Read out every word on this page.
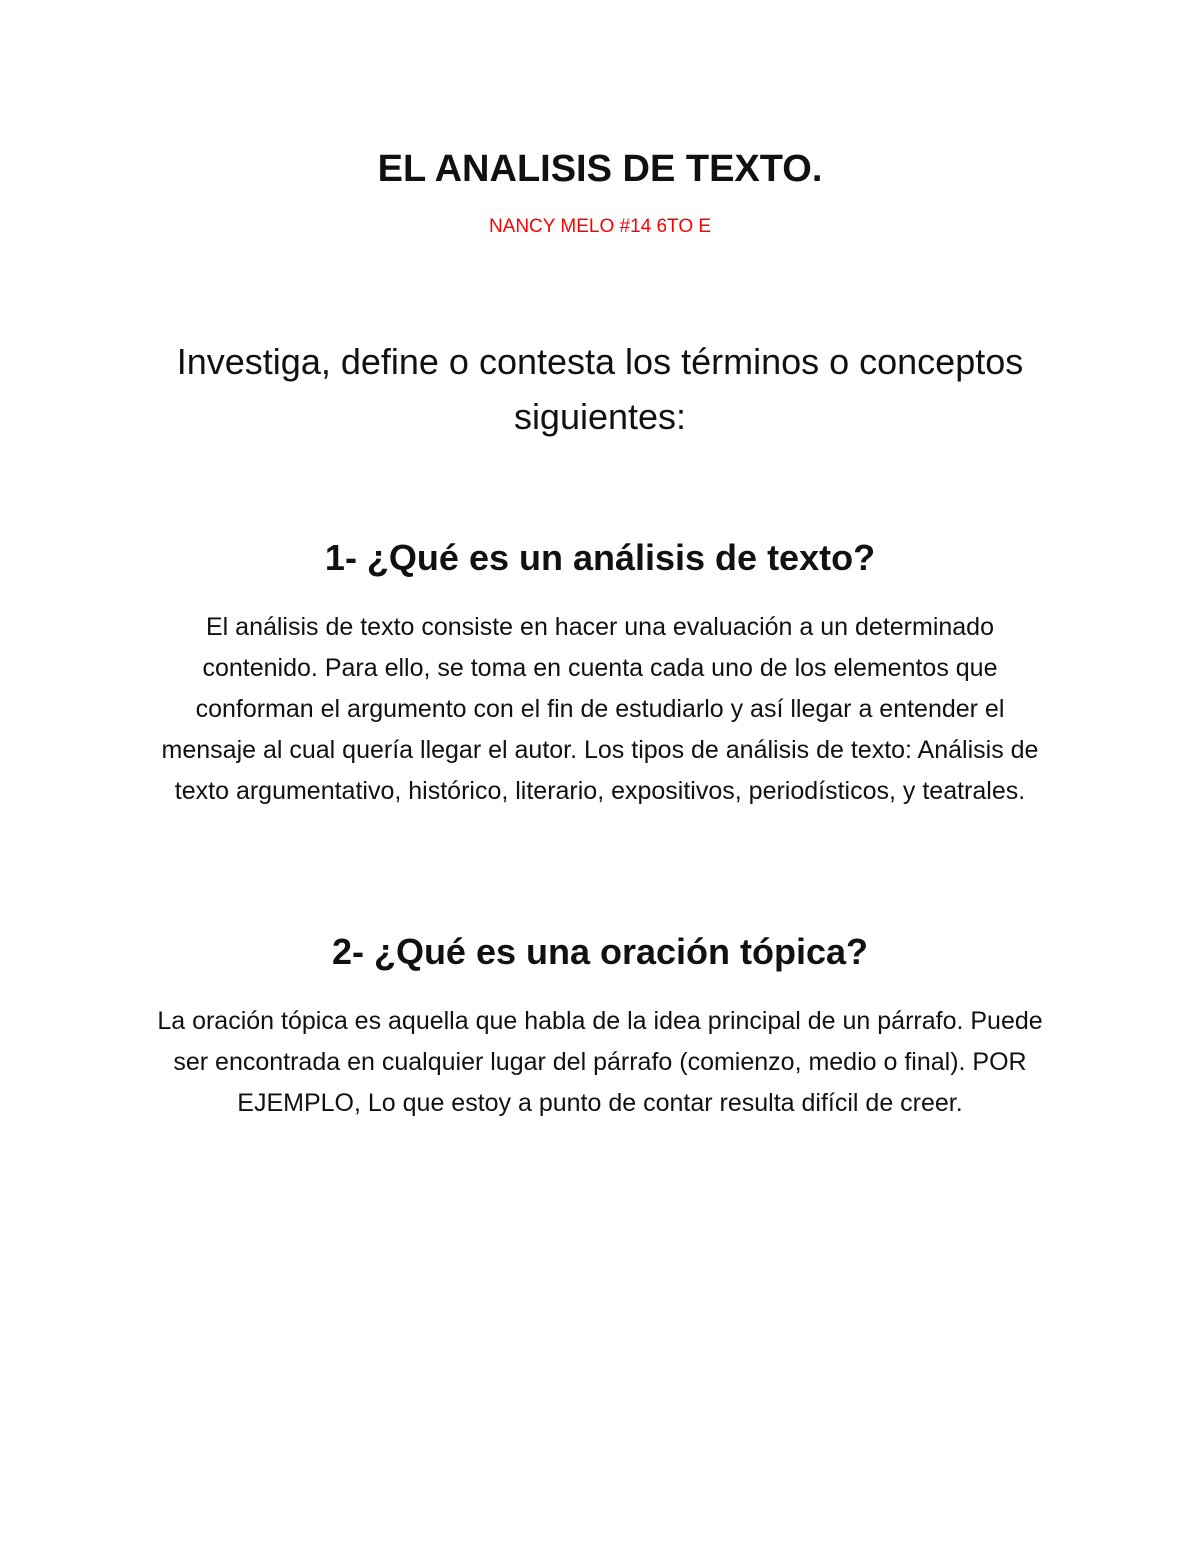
EL ANALISIS DE TEXTO.

NANCY MELO #14 6TO E

Investiga, define o contesta los términos o conceptos siguientes:

1- ¿Qué es un análisis de texto?

El análisis de texto consiste en hacer una evaluación a un determinado contenido. Para ello, se toma en cuenta cada uno de los elementos que conforman el argumento con el fin de estudiarlo y así llegar a entender el mensaje al cual quería llegar el autor. Los tipos de análisis de texto: Análisis de texto argumentativo, histórico, literario, expositivos, periodísticos, y teatrales.

2- ¿Qué es una oración tópica?

La oración tópica es aquella que habla de la idea principal de un párrafo. Puede ser encontrada en cualquier lugar del párrafo (comienzo, medio o final). POR EJEMPLO, Lo que estoy a punto de contar resulta difícil de creer.
